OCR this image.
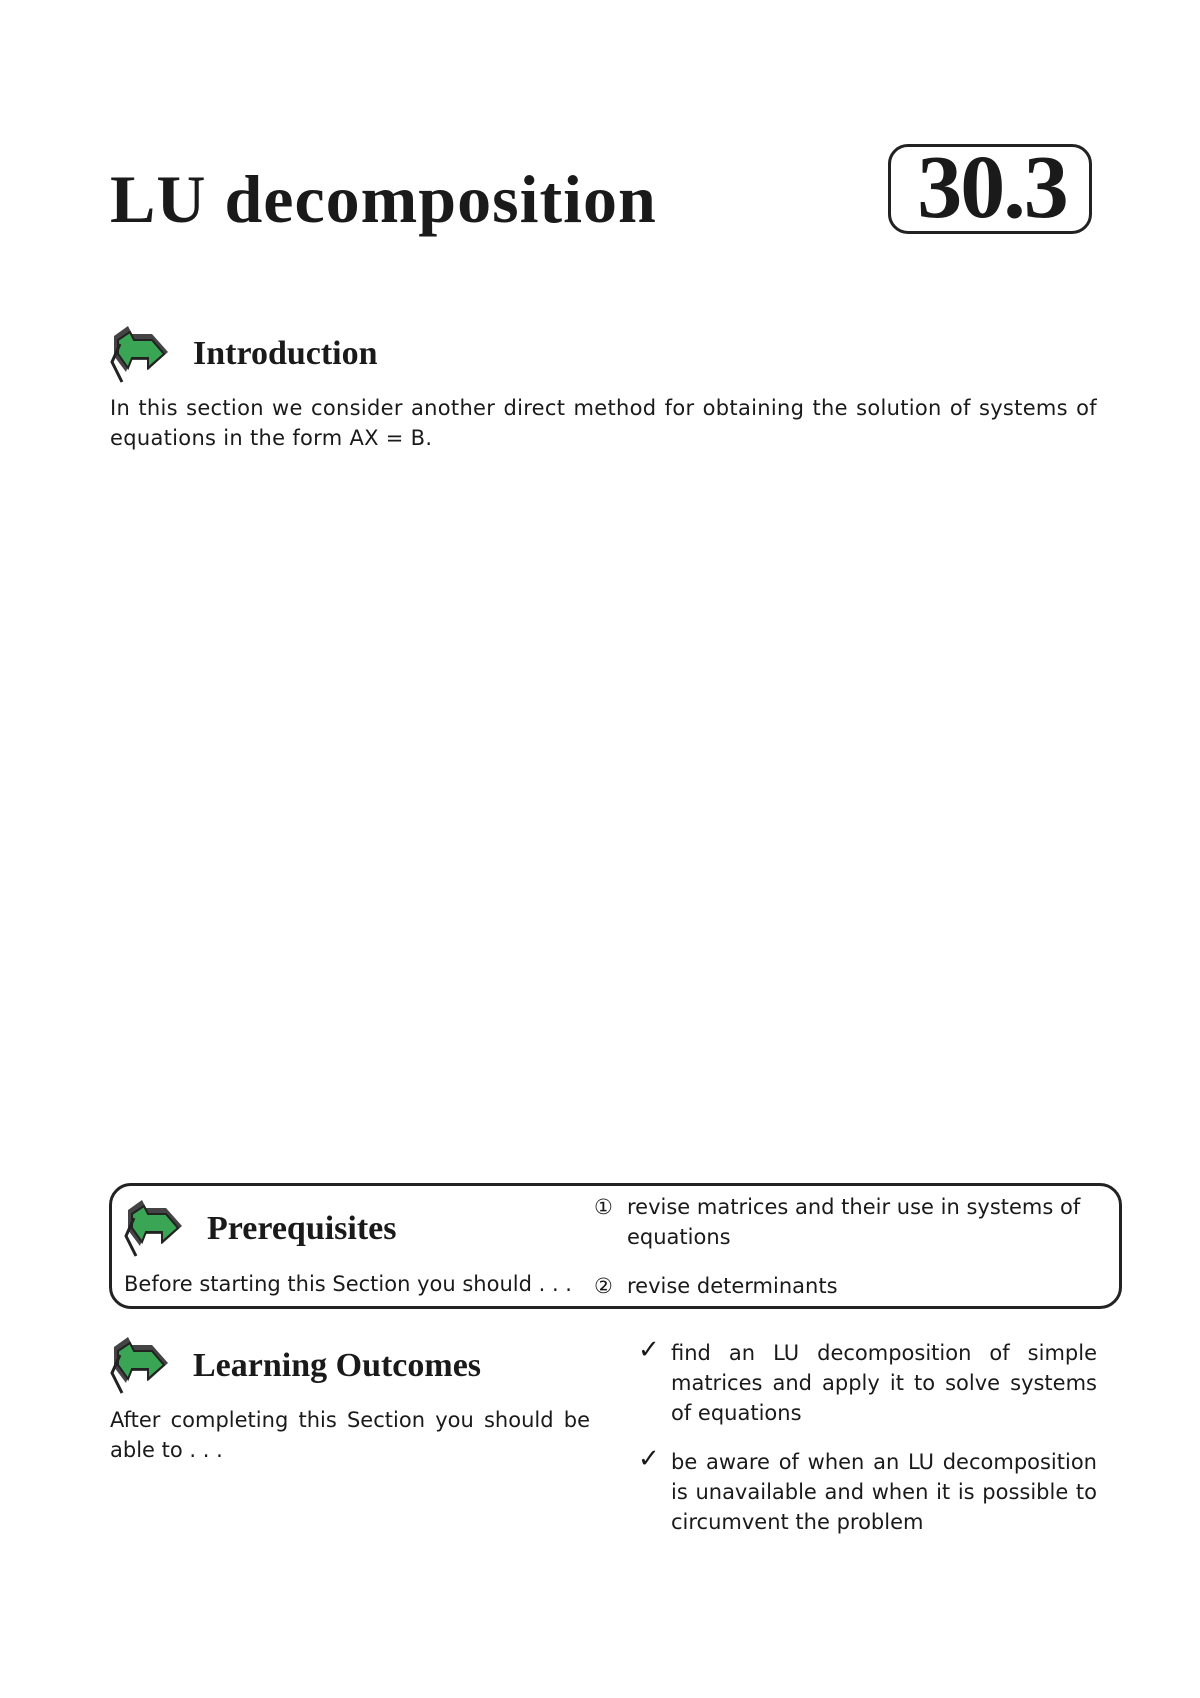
LU decomposition	30.3
Introduction
In this section we consider another direct method for obtaining the solution of systems of equations in the form AX = B.
Prerequisites
Before starting this Section you should . . .
① revise matrices and their use in systems of equations
② revise determinants
Learning Outcomes
After completing this Section you should be able to . . .
✓ find an LU decomposition of simple matrices and apply it to solve systems of equations
✓ be aware of when an LU decomposition is unavailable and when it is possible to circumvent the problem
